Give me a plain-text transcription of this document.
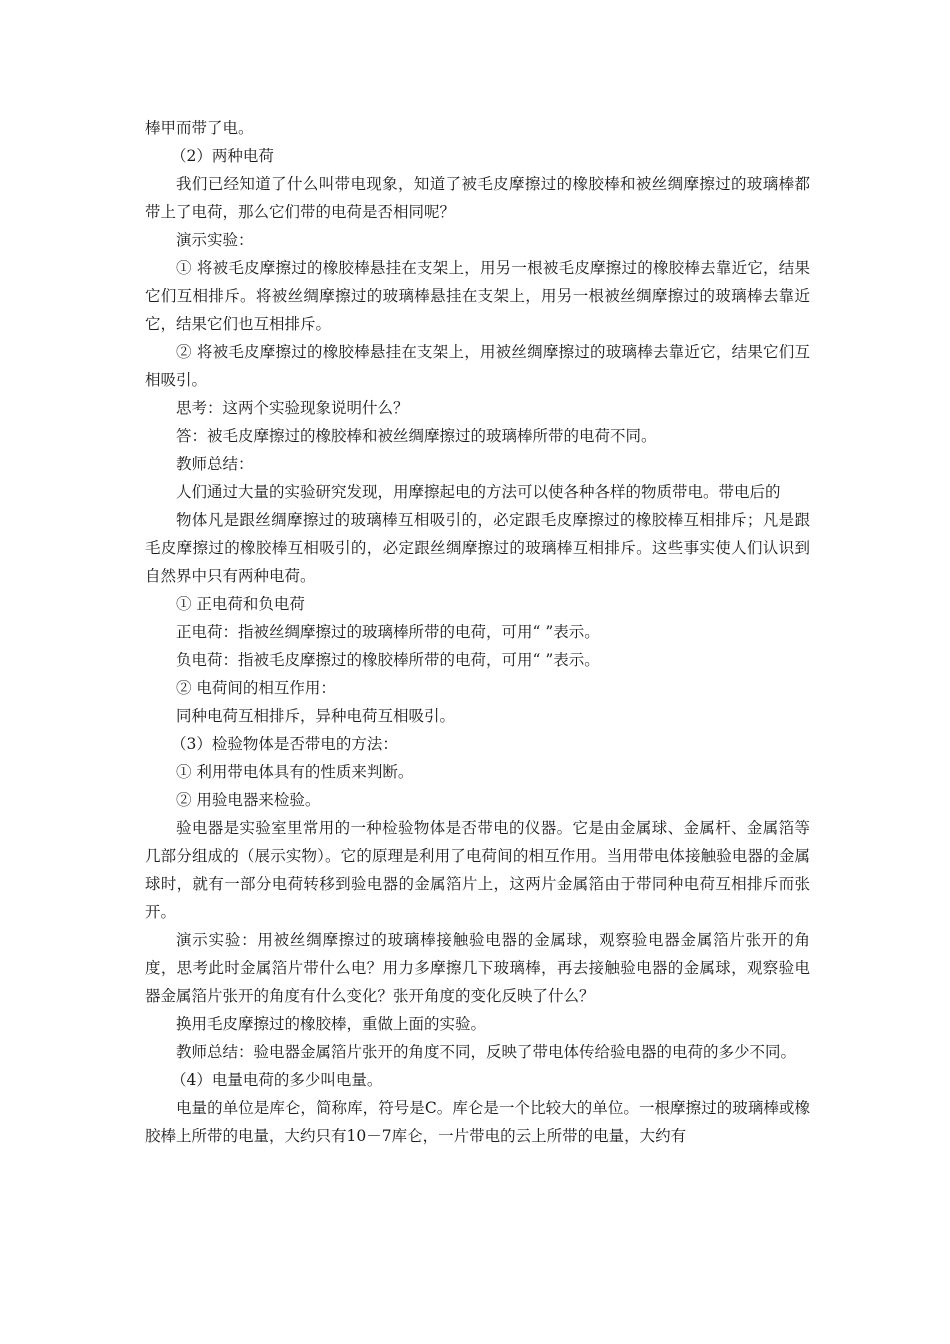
棒甲而带了电。

（2）两种电荷

我们已经知道了什么叫带电现象，知道了被毛皮摩擦过的橡胶棒和被丝绸摩擦过的玻璃棒都带上了电荷，那么它们带的电荷是否相同呢？

演示实验：

① 将被毛皮摩擦过的橡胶棒悬挂在支架上，用另一根被毛皮摩擦过的橡胶棒去靠近它，结果它们互相排斥。将被丝绸摩擦过的玻璃棒悬挂在支架上，用另一根被丝绸摩擦过的玻璃棒去靠近它，结果它们也互相排斥。

② 将被毛皮摩擦过的橡胶棒悬挂在支架上，用被丝绸摩擦过的玻璃棒去靠近它，结果它们互相吸引。

思考：这两个实验现象说明什么？

答：被毛皮摩擦过的橡胶棒和被丝绸摩擦过的玻璃棒所带的电荷不同。

教师总结：

人们通过大量的实验研究发现，用摩擦起电的方法可以使各种各样的物质带电。带电后的

物体凡是跟丝绸摩擦过的玻璃棒互相吸引的，必定跟毛皮摩擦过的橡胶棒互相排斥；凡是跟毛皮摩擦过的橡胶棒互相吸引的，必定跟丝绸摩擦过的玻璃棒互相排斥。这些事实使人们认识到自然界中只有两种电荷。

① 正电荷和负电荷

正电荷：指被丝绸摩擦过的玻璃棒所带的电荷，可用“ ”表示。

负电荷：指被毛皮摩擦过的橡胶棒所带的电荷，可用“ ”表示。

② 电荷间的相互作用：

同种电荷互相排斥，异种电荷互相吸引。

（3）检验物体是否带电的方法：

① 利用带电体具有的性质来判断。

② 用验电器来检验。

验电器是实验室里常用的一种检验物体是否带电的仪器。它是由金属球、金属杆、金属箔等几部分组成的（展示实物）。它的原理是利用了电荷间的相互作用。当用带电体接触验电器的金属球时，就有一部分电荷转移到验电器的金属箔片上，这两片金属箔由于带同种电荷互相排斥而张开。

演示实验：用被丝绸摩擦过的玻璃棒接触验电器的金属球，观察验电器金属箔片张开的角度，思考此时金属箔片带什么电？用力多摩擦几下玻璃棒，再去接触验电器的金属球，观察验电器金属箔片张开的角度有什么变化？张开角度的变化反映了什么？

换用毛皮摩擦过的橡胶棒，重做上面的实验。

教师总结：验电器金属箔片张开的角度不同，反映了带电体传给验电器的电荷的多少不同。

（4）电量电荷的多少叫电量。

电量的单位是库仑，简称库，符号是C。库仑是一个比较大的单位。一根摩擦过的玻璃棒或橡胶棒上所带的电量，大约只有10－7库仑，一片带电的云上所带的电量，大约有
